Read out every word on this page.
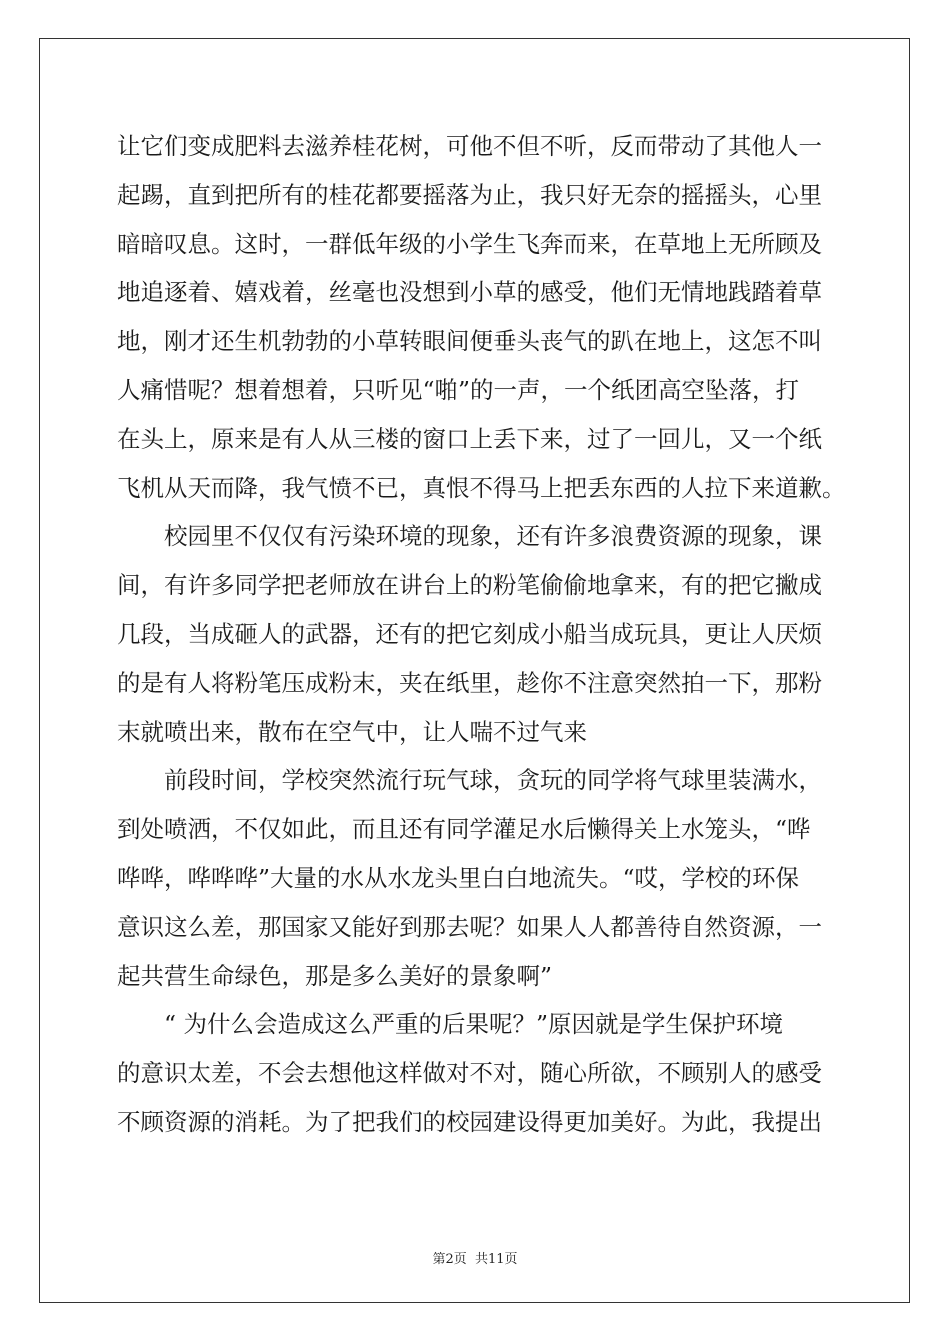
让它们变成肥料去滋养桂花树，可他不但不听，反而带动了其他人一
起踢，直到把所有的桂花都要摇落为止，我只好无奈的摇摇头，心里
暗暗叹息。这时，一群低年级的小学生飞奔而来，在草地上无所顾及
地追逐着、嬉戏着，丝毫也没想到小草的感受，他们无情地践踏着草
地，刚才还生机勃勃的小草转眼间便垂头丧气的趴在地上，这怎不叫
人痛惜呢？想着想着，只听见“啪”的一声，一个纸团高空坠落，打
在头上，原来是有人从三楼的窗口上丢下来，过了一回儿，又一个纸
飞机从天而降，我气愤不已，真恨不得马上把丢东西的人拉下来道歉。
　　校园里不仅仅有污染环境的现象，还有许多浪费资源的现象，课
间，有许多同学把老师放在讲台上的粉笔偷偷地拿来，有的把它撇成
几段，当成砸人的武器，还有的把它刻成小船当成玩具，更让人厌烦
的是有人将粉笔压成粉末，夹在纸里，趁你不注意突然拍一下，那粉
末就喷出来，散布在空气中，让人喘不过气来
　　前段时间，学校突然流行玩气球，贪玩的同学将气球里装满水，
到处喷洒，不仅如此，而且还有同学灌足水后懒得关上水笼头，“哗
哗哗，哗哗哗”大量的水从水龙头里白白地流失。“哎，学校的环保
意识这么差，那国家又能好到那去呢？如果人人都善待自然资源，一
起共营生命绿色，那是多么美好的景象啊”
　　“ 为什么会造成这么严重的后果呢？”原因就是学生保护环境
的意识太差，不会去想他这样做对不对，随心所欲，不顾别人的感受
不顾资源的消耗。为了把我们的校园建设得更加美好。为此，我提出

第2页 共11页
